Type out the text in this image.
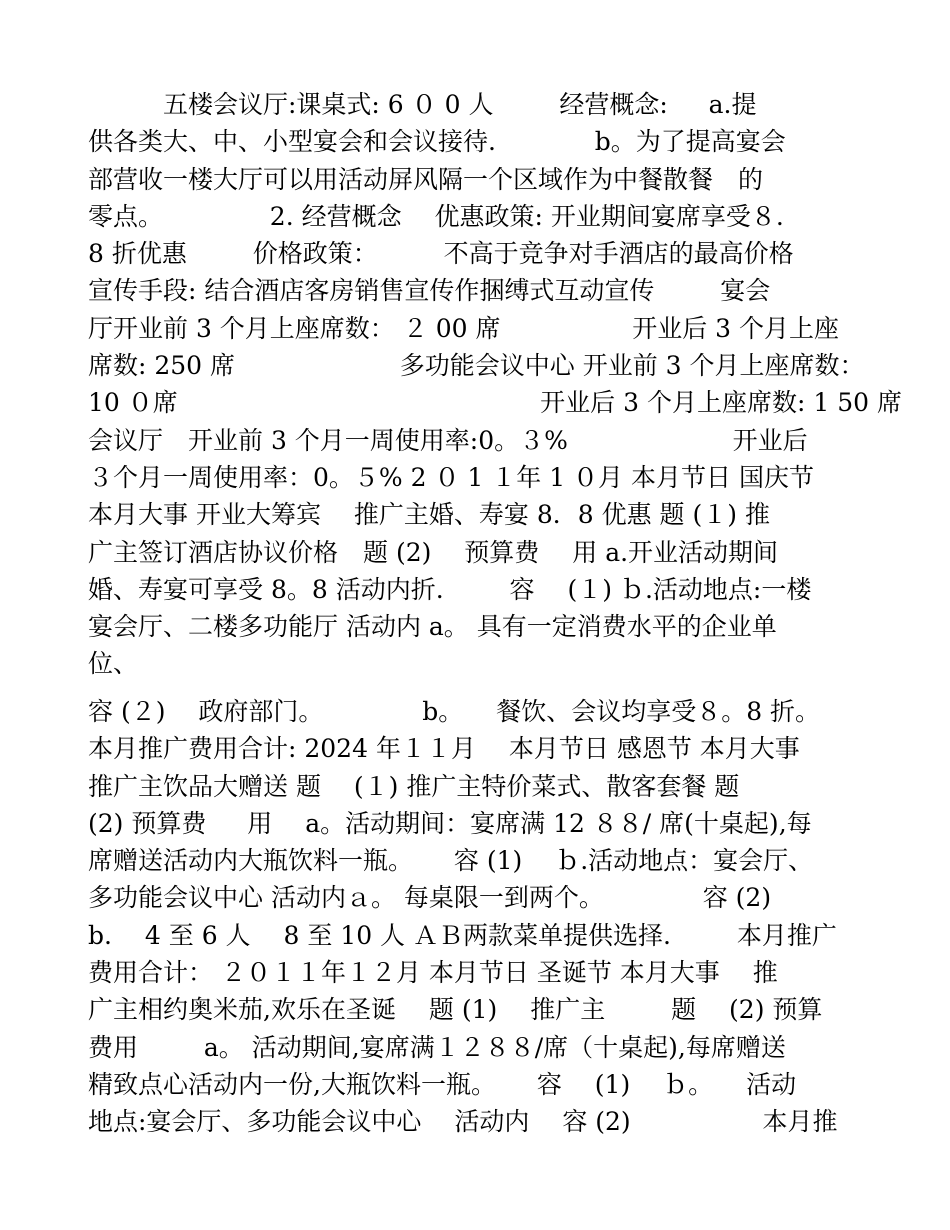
　　　五楼会议厅:课桌式: 6 ０ 0 人 　 　经营概念: 　 a.提
供各类大、中、小型宴会和会议接待. 　 　 　b。为了提高宴会
部营收一楼大厅可以用活动屏风隔一个区域作为中餐散餐　的
零点。 　 　 　 2. 经营概念 　优惠政策: 开业期间宴席享受８.
8 折优惠 　 　价格政策： 　 　不高于竞争对手酒店的最高价格
宣传手段: 结合酒店客房销售宣传作捆缚式互动宣传 　 　宴会
厅开业前 3 个月上座席数： ２ 00 席 　 　 　 　开业后 3 个月上座
席数: 250 席 　 　 　 　 　多功能会议中心 开业前 3 个月上座席数：
10 ０席 　 　 　 　 　 　 　 　 　 　 　开业后 3 个月上座席数: 1 50 席
会议厅　开业前 3 个月一周使用率:0。３% 　 　 　 　 　开业后
３个月一周使用率：0。５% 2 ０ 1 １年 1 ０月 本月节日 国庆节
本月大事 开业大筹宾 　推广主婚、寿宴 8．8 优惠 题 (１) 推
广主签订酒店协议价格　题 (2) 　预算费 　用 a.开业活动期间
婚、寿宴可享受 8。8 活动内折. 　 　容 　(１) ｂ.活动地点:一楼
宴会厅、二楼多功能厅 活动内 a。 具有一定消费水平的企业单
位、
容 (２) 　政府部门。 　 　 　b。 　餐饮、会议均享受８。8 折。
本月推广费用合计: 2024 年１１月 　本月节日 感恩节 本月大事
推广主饮品大赠送 题 　(１) 推广主特价菜式、散客套餐 题
(2) 预算费 　 用 　a。活动期间：宴席满 12 ８８/ 席(十桌起),每
席赠送活动内大瓶饮料一瓶。 　 容 (1) 　ｂ.活动地点：宴会厅、
多功能会议中心 活动内ａ。 每桌限一到两个。 　 　 　容 (2)
b. 　4 至 6 人 　8 至 10 人 ＡＢ两款菜单提供选择. 　 　本月推广
费用合计： ２０１１年１２月 本月节日 圣诞节 本月大事 　推
广主相约奥米茄,欢乐在圣诞 　题 (1) 　推广主 　 　题 　(2) 预算
费用 　 　a。 活动期间,宴席满１２８８/席（十桌起),每席赠送
精致点心活动内一份,大瓶饮料一瓶。 　 容 　(1) 　ｂ。 　活动
地点:宴会厅、多功能会议中心 　活动内 　容 (2) 　 　 　 　本月推
